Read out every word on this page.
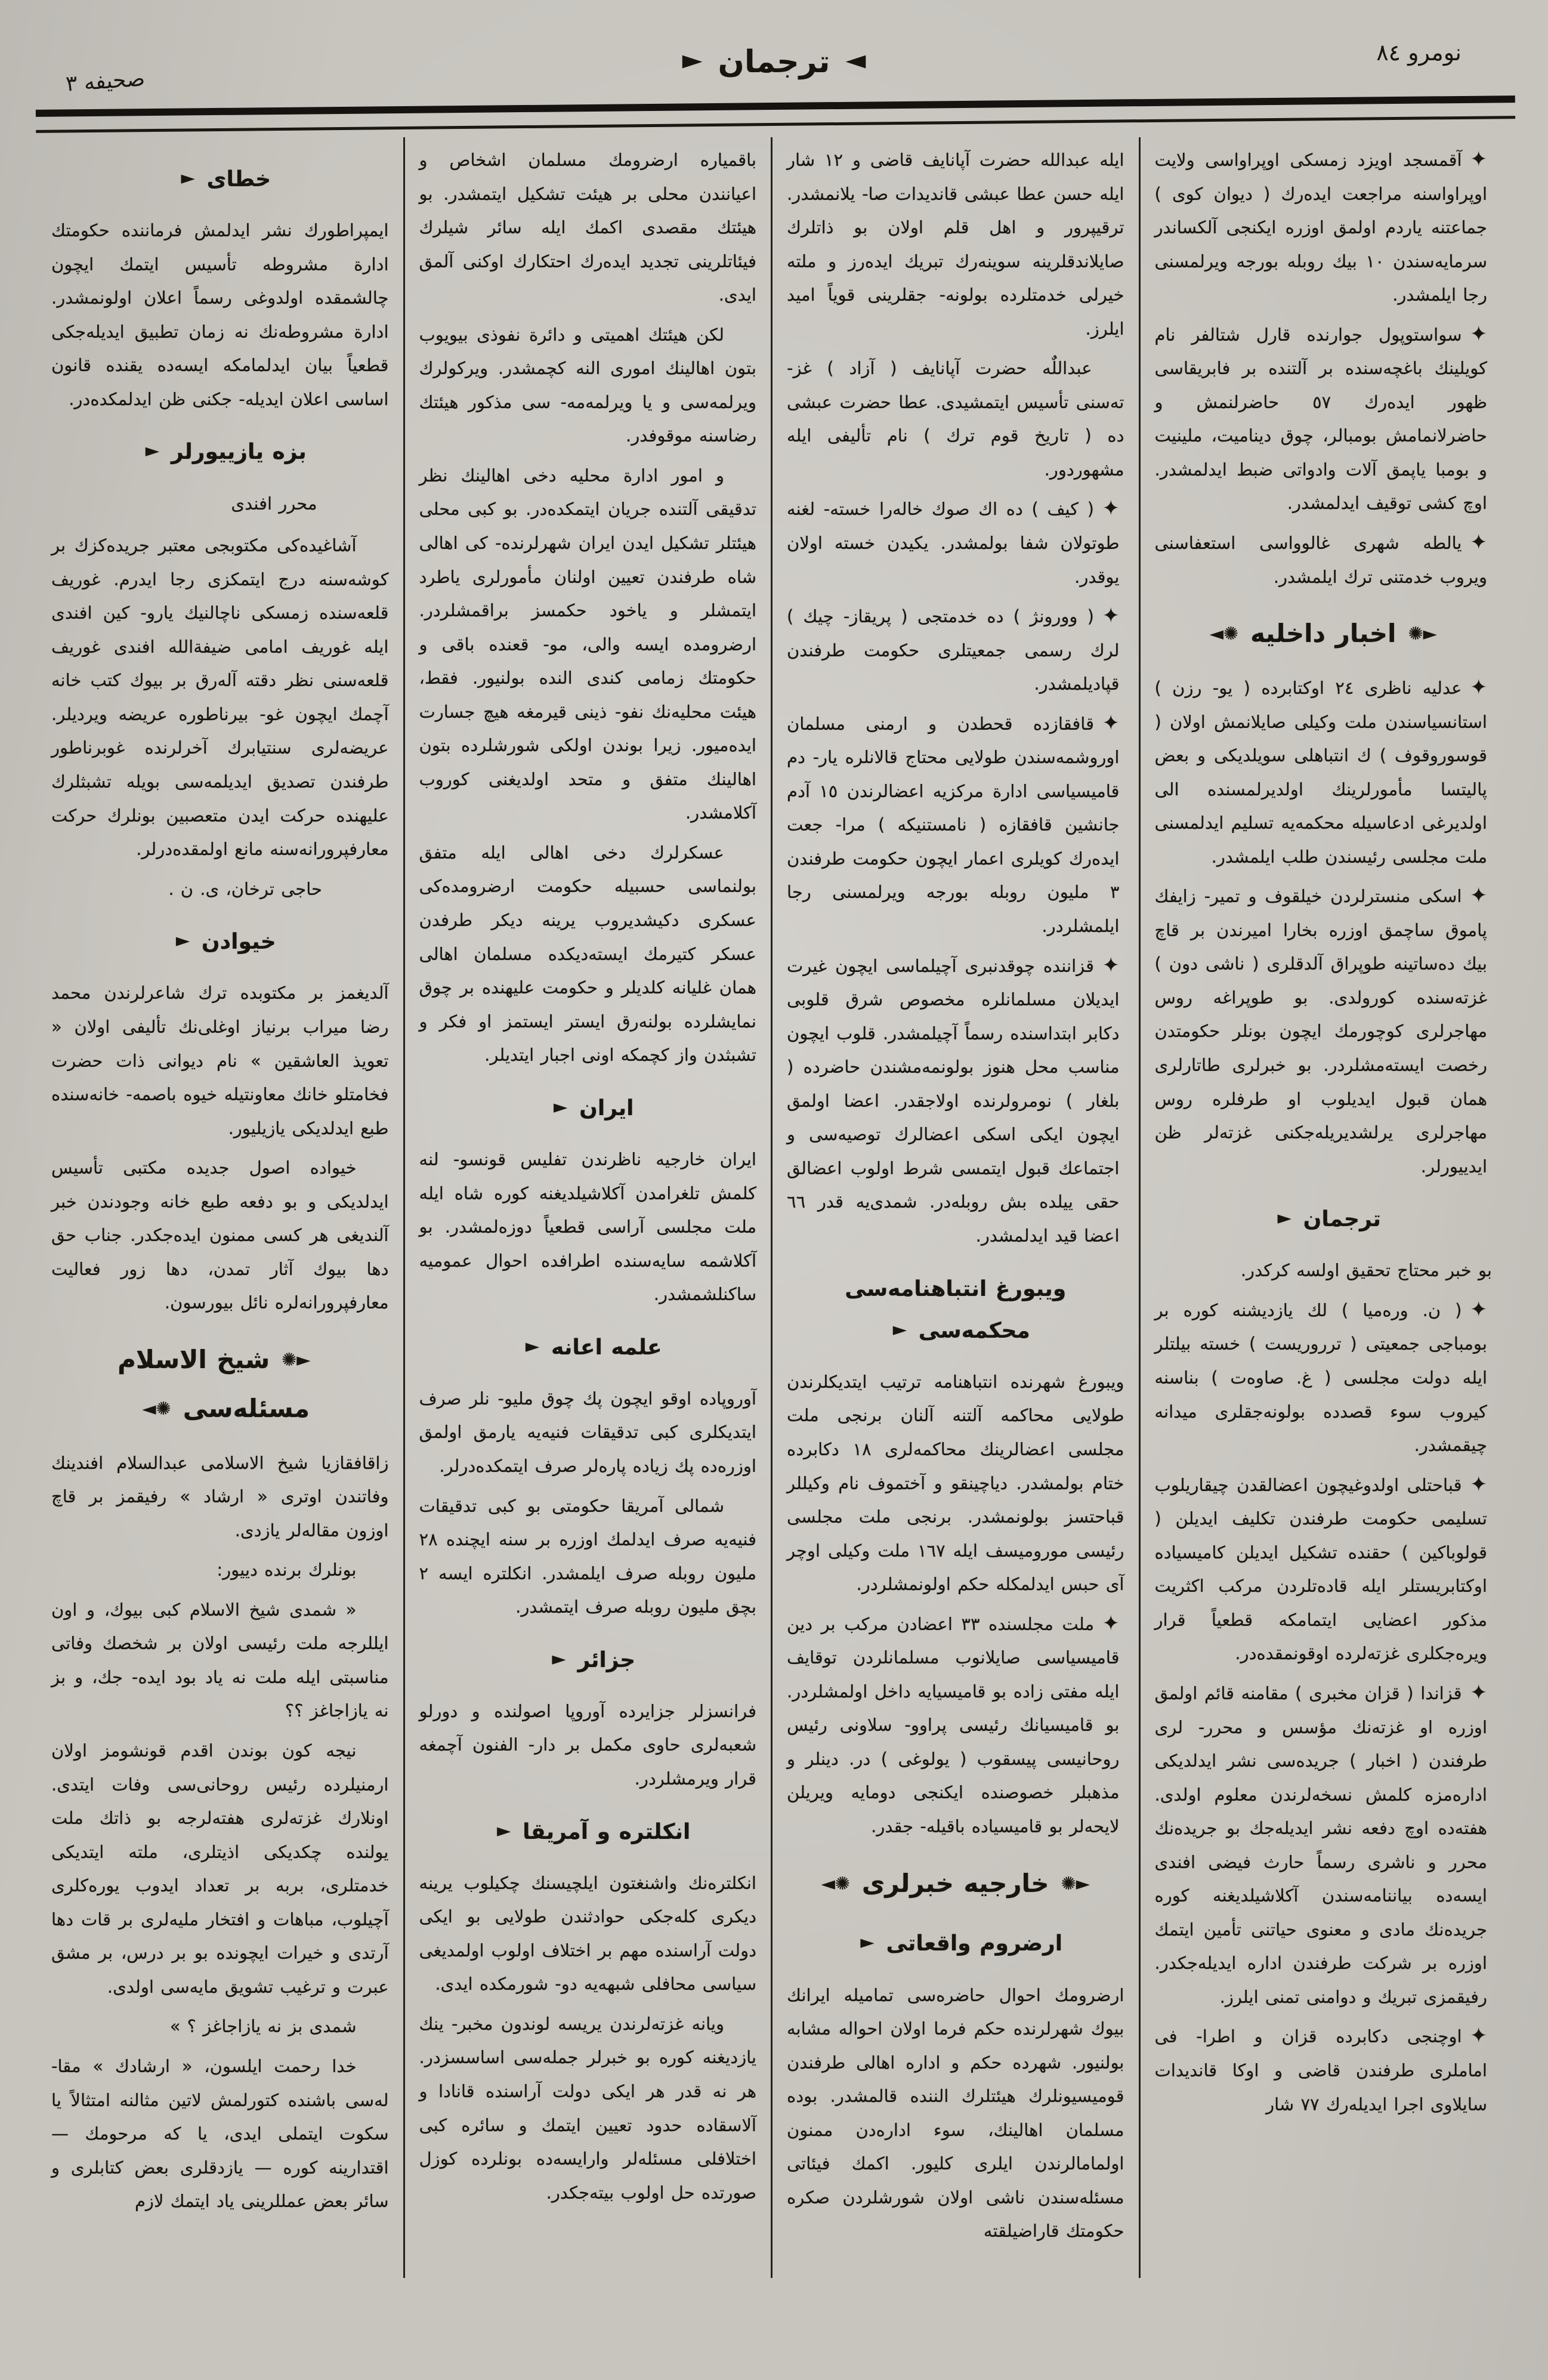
نومرو ٨٤
◄ترجمان►
صحيفه ٣

✦آقمسجد اويزد زمسكى اوپراواسى ولايت اوپراواسنه مراجعت ايده‌رك ( ديوان كوى ) جماعتنه ياردم اولمق اوزره ايكنجى آلكساندر سرمايه‌سندن ١٠ بيك روبله بورجه ويرلمسنى رجا ايلمشدر.

✦سواستوپول جوارنده قارل شتالفر نام كويلينك باغچه‌سنده بر آلتنده بر فابريقاسى ظهور ايده‌رك ٥٧ حاضرلنمش و حاضرلانمامش بومبالر، چوق ديناميت، ملينيت و بومبا ياپمق آلات وادواتى ضبط ايدلمشدر. اوچ كشى توقيف ايدلمشدر.

✦يالطه شهرى غالوواسى استعفاسنى ويروب خدمتنى ترك ايلمشدر.

✺►اخبار داخليه◄✺

✦عدليه ناظرى ٢٤ اوكتابرده ( يو- رزن ) استانسياسندن ملت وكيلى صايلانمش اولان ( قوسوروقوف ) ك انتباهلى سويلديكى و بعض پاليتسا مأمورلرينك اولديرلمسنده الى اولديرغى ادعاسيله محكمه‌يه تسليم ايدلمسنى ملت مجلسى رئيسندن طلب ايلمشدر.

✦اسكى منسترلردن خيلقوف و تمير- زايفك پاموق ساچمق اوزره بخارا اميرندن بر قاچ بيك دەساتينه طوپراق آلدقلرى ( ناشى دون ) غزته‌سنده كورولدى. بو طوپراغه روس مهاجرلرى كوچورمك ايچون بونلر حكومتدن رخصت ايسته‌مشلردر. بو خبرلرى طاتارلرى همان قبول ايديلوب او طرفلره روس مهاجرلرى يرلشديريله‌جكنى غزته‌لر ظن ايدييورلر.

ترجمان►

بو خبر محتاج تحقيق اولسه كركدر.

✦( ن. وره‌ميا ) لك يازديشنه كوره بر بومباجى جمعيتى ( ترروريست ) خسته بيلتلر ايله دولت مجلسى ( غ. صاوەت ) بناسنه كيروب سوء قصدده بولونه‌جقلرى ميدانه چيقمشدر.

✦قباحتلى اولدوغيچون اعضالقدن چيقاريلوب تسليمى حكومت طرفندن تكليف ايديلن ( قولوباكين ) حقنده تشكيل ايديلن كاميسياده اوكتابريستلر ايله قاده‌تلردن مركب اكثريت مذكور اعضايى ايتمامكه قطعياً قرار ويره‌جكلرى غزته‌لرده اوقونمقده‌در.

✦قزاندا ( قزان مخبرى ) مقامنه قائم اولمق اوزره او غزته‌نك مؤسس و محرر- لرى طرفندن ( اخبار ) جريده‌سى نشر ايدلديكى اداره‌مزه كلمش نسخه‌لرندن معلوم اولدى. هفته‌ده اوچ دفعه نشر ايديله‌جك بو جريده‌نك محرر و ناشرى رسماً حارث فيضى افندى ايسه‌ده بياننامه‌سندن آكلاشيلديغنه كوره جريده‌نك مادى و معنوى حياتنى تأمين ايتمك اوزره بر شركت طرفندن اداره ايديله‌جكدر. رفيقمزى تبريك و دوامنى تمنى ايلرز.

✦اوچنجى دكابرده قزان و اطرا- فى اماملرى طرفندن قاضى و اوكا قانديدات سايلاوى اجرا ايديله‌رك ٧٧ شار

ايله عبدالله حضرت آپانايف قاضى و ١٢ شار ايله حسن عطا عبشى قانديدات صا- يلانمشدر. ترقيپرور و اهل قلم اولان بو ذاتلرك صايلاندقلرينه سوينه‌رك تبريك ايده‌رز و ملته خيرلى خدمتلرده بولونه- جقلرينى قوياً اميد ايلرز.

عبداللٌه حضرت آپانايف ( آزاد ) غز- ته‌سنى تأسيس ايتمشيدى. عطا حضرت عبشى ده ( تاريخ قوم ترك ) نام تأليفى ايله مشهوردور.

✦( كيف ) ده اك صوك خاله‌را خسته- لغنه طوتولان شفا بولمشدر. يكيدن خسته اولان يوقدر.

✦( وورونژ ) ده خدمتجى ( پريقاز- چيك ) لرك رسمى جمعيتلرى حكومت طرفندن قپاديلمشدر.

✦قافقازده قحطدن و ارمنى مسلمان اوروشمه‌سندن طولايى محتاج قالانلره يار- دم قاميسياسى ادارة مركزيه اعضالرندن ١٥ آدم جانشين قافقازه ( نامستنيكه ) مرا- جعت ايده‌رك كويلرى اعمار ايچون حكومت طرفندن ٣ مليون روبله بورجه ويرلمسنى رجا ايلمشلردر.

✦قزاننده چوقدنبرى آچيلماسى ايچون غيرت ايديلان مسلمانلره مخصوص شرق قلوبى دكابر ابتداسنده رسماً آچيلمشدر. قلوب ايچون مناسب محل هنوز بولونمه‌مشندن حاضرده ( بلغار ) نومرولرنده اولاجقدر. اعضا اولمق ايچون ايكى اسكى اعضالرك توصيه‌سى و اجتماعك قبول ايتمسى شرط اولوب اعضالق حقى ييلده بش روبله‌در. شمدى‌يه قدر ٦٦ اعضا قيد ايدلمشدر.

ويبورغ انتباهنامه‌سى محكمه‌سى►

ويبورغ شهرنده انتباهنامه ترتيب ايتديكلرندن طولايى محاكمه آلتنه آلنان برنجى ملت مجلسى اعضالرينك محاكمه‌لرى ١٨ دكابرده ختام بولمشدر. دياچينقو و آختموف نام وكيللر قباحتسز بولونمشدر. برنجى ملت مجلسى رئيسى موروميسف ايله ١٦٧ ملت وكيلى اوچر آى حبس ايدلمكله حكم اولونمشلردر.

✦ملت مجلسنده ٣٣ اعضادن مركب بر دين قاميسياسى صايلانوب مسلمانلردن توقايف ايله مفتى زاده بو قاميسيايه داخل اولمشلردر. بو قاميسيانك رئيسى پراوو- سلاونى رئيس روحانيسى پيسقوب ( يولوغى ) در. دينلر و مذهبلر خصوصنده ايكنجى دومايه ويريلن لايحه‌لر بو قاميسياده باقيله- جقدر.

✺►خارجيه خبرلرى◄✺
ارضروم واقعاتى►

ارضرومك احوال حاضره‌سى تماميله ايرانك بيوك شهرلرنده حكم فرما اولان احواله مشابه بولنيور. شهرده حكم و اداره اهالى طرفندن قوميسيونلرك هيئتلرك الننده قالمشدر. بوده مسلمان اهالينك، سوء اداره‌دن ممنون اولمامالرندن ايلرى كليور. اكمك فيئاتى مسئله‌سندن ناشى اولان شورشلردن صكره حكومتك قاراضيلقته

باقمياره ارضرومك مسلمان اشخاص و اعيانندن محلى بر هيئت تشكيل ايتمشدر. بو هيئتك مقصدى اكمك ايله سائر شيلرك فيئاتلرينى تجديد ايده‌رك احتكارك اوكنى آلمق ايدى.

لكن هيئتك اهميتى و دائرة نفوذى بيويوب بتون اهالينك امورى النه كچمشدر. ويركولرك ويرلمه‌سى و يا ويرلمه‌مه- سى مذكور هيئتك رضاسنه موقوفدر.

و امور ادارة محليه دخى اهالينك نظر تدقيقى آلتنده جريان ايتمكده‌در. بو كبى محلى هيئتلر تشكيل ايدن ايران شهرلرنده- كى اهالى شاه طرفندن تعيين اولنان مأمورلرى ياطرد ايتمشلر و ياخود حكمسز براقمشلردر. ارضرومده ايسه والى، مو- قعنده باقى و حكومتك زمامى كندى النده بولنيور. فقط، هيئت محليه‌نك نفو- ذينى قيرمغه هيچ جسارت ايده‌ميور. زيرا بوندن اولكى شورشلرده بتون اهالينك متفق و متحد اولديغنى كوروب آكلامشدر.

عسكرلرك دخى اهالى ايله متفق بولنماسى حسبيله حكومت ارضرومده‌كى عسكرى دكيشديروب يرينه ديكر طرفدن عسكر كتيرمك ايسته‌ديكده مسلمان اهالى همان غليانه كلديلر و حكومت عليهنده بر چوق نمايشلرده بولنه‌رق ايستر ايستمز او فكر و تشبثدن واز كچمكه اونى اجبار ايتديلر.

ايران►

ايران خارجيه ناظرندن تفليس قونسو- لنه كلمش تلغرامدن آكلاشيلديغنه كوره شاه ايله ملت مجلسى آراسى قطعياً دوزه‌لمشدر. بو آكلاشمه سايه‌سنده اطرافده احوال عموميه ساكنلشمشدر.

علمه اعانه►

آوروپاده اوقو ايچون پك چوق مليو- نلر صرف ايتديكلرى كبى تدقيقات فنيه‌يه يارمق اولمق اوزره‌ده پك زياده پاره‌لر صرف ايتمكده‌درلر.

شمالى آمريقا حكومتى بو كبى تدقيقات فنيه‌يه صرف ايدلمك اوزره بر سنه ايچنده ٢٨ مليون روبله صرف ايلمشدر. انكلتره ايسه ٢ بچق مليون روبله صرف ايتمشدر.

جزائر►

فرانسزلر جزايرده آوروپا اصولنده و دورلو شعبه‌لرى حاوى مكمل بر دار- الفنون آچمغه قرار ويرمشلردر.

انكلتره و آمريقا►

انكلتره‌نك واشنغتون ايلچيسنك چكيلوب يرينه ديكرى كله‌جكى حوادثندن طولايى بو ايكى دولت آراسنده مهم بر اختلاف اولوب اولمديغى سياسى محافلى شبهه‌يه دو- شورمكده ايدى.

ويانه غزته‌لرندن يريسه لوندون مخبر- ينك يازديغنه كوره بو خبرلر جمله‌سى اساسسزدر. هر نه قدر هر ايكى دولت آراسنده قانادا و آلاسقاده حدود تعيين ايتمك و سائره كبى اختلافلى مسئله‌لر وارايسه‌ده بونلرده كوزل صورتده حل اولوب بيته‌جكدر.

خطاى►

ايمپراطورك نشر ايدلمش فرماننده حكومتك ادارة مشروطه تأسيس ايتمك ايچون چالشمقده اولدوغى رسماً اعلان اولونمشدر. ادارة مشروطه‌نك نه زمان تطبيق ايديله‌جكى قطعياً بيان ايدلمامكه ايسه‌ده يقنده قانون اساسى اعلان ايديله- جكنى ظن ايدلمكده‌در.

بزه يازييورلر►

محرر افندى

آشاغيده‌كى مكتوبجى معتبر جريده‌كزك بر كوشه‌سنه درج ايتمكزى رجا ايدرم. غوريف قلعه‌سنده زمسكى ناچالنيك يارو- كين افندى ايله غوريف امامى ضيفة‌الله افندى غوريف قلعه‌سنى نظر دقته آله‌رق بر بيوك كتب خانه آچمك ايچون غو- بيرناطوره عريضه ويرديلر. عريضه‌لرى سنتيابرك آخرلرنده غوبرناطور طرفندن تصديق ايديلمه‌سى بويله تشبثلرك عليهنده حركت ايدن متعصبين بونلرك حركت معارفپرورانه‌سنه مانع اولمقده‌درلر.

حاجى ترخان، ى. ن .

خيوادن►

آلديغمز بر مكتوبده ترك شاعرلرندن محمد رضا ميراب برنياز اوغلى‌نك تأليفى اولان « تعويذ العاشقين » نام ديوانى ذات حضرت فخامتلو خانك معاونتيله خيوه باصمه- خانه‌سنده طبع ايدلديكى يازيليور.

خيواده اصول جديده مكتبى تأسيس ايدلديكى و بو دفعه طبع خانه وجودندن خبر آلنديغى هر كسى ممنون ايده‌جكدر. جناب حق دها بيوك آثار تمدن، دها زور فعاليت معارفپرورانه‌لره نائل بيورسون.

✺►شيخ الاسلام مسئله‌سى◄✺

زاقافقازيا شيخ الاسلامى عبدالسلام افندينك وفاتندن اوترى « ارشاد » رفيقمز بر قاچ اوزون مقاله‌لر يازدى.

بونلرك برنده دييور:

« شمدى شيخ الاسلام كبى بيوك، و اون ايللرجه ملت رئيسى اولان بر شخصك وفاتى مناسبتى ايله ملت نه ياد بود ايده- جك، و بز نه يازاجاغز ؟؟

نيجه كون بوندن اقدم قونشومز اولان ارمنيلرده رئيس روحانى‌سى وفات ايتدى. اونلارك غزته‌لرى هفته‌لرجه بو ذاتك ملت يولنده چكديكى اذيتلرى، ملته ايتديكى خدمتلرى، بربه بر تعداد ايدوب يوره‌كلرى آچيلوب، مباهات و افتخار مليه‌لرى بر قات دها آرتدى و خيرات ايچونده بو بر درس، بر مشق عبرت و ترغيب تشويق مايه‌سى اولدى.

شمدى بز نه يازاجاغز ؟ »

خدا رحمت ايلسون، « ارشادك » مقا- له‌سى باشنده كتورلمش لاتين مثالنه امتثالاً يا سكوت ايتملى ايدى، يا كه مرحومك — اقتدارينه كوره — يازدقلرى بعض كتابلرى و سائر بعض عمللرينى ياد ايتمك لازم
